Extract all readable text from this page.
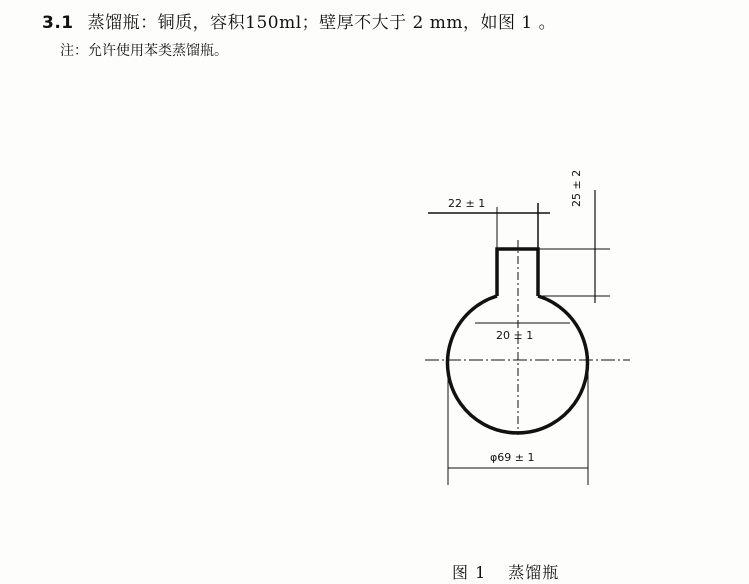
3.1 蒸馏瓶：铜质，容积150ml；壁厚不大于 2 mm，如图 1 。
注：允许使用苯类蒸馏瓶。
22 ± 1	25 ± 2
20 ± 1
φ69 ± 1
图 1 蒸馏瓶
